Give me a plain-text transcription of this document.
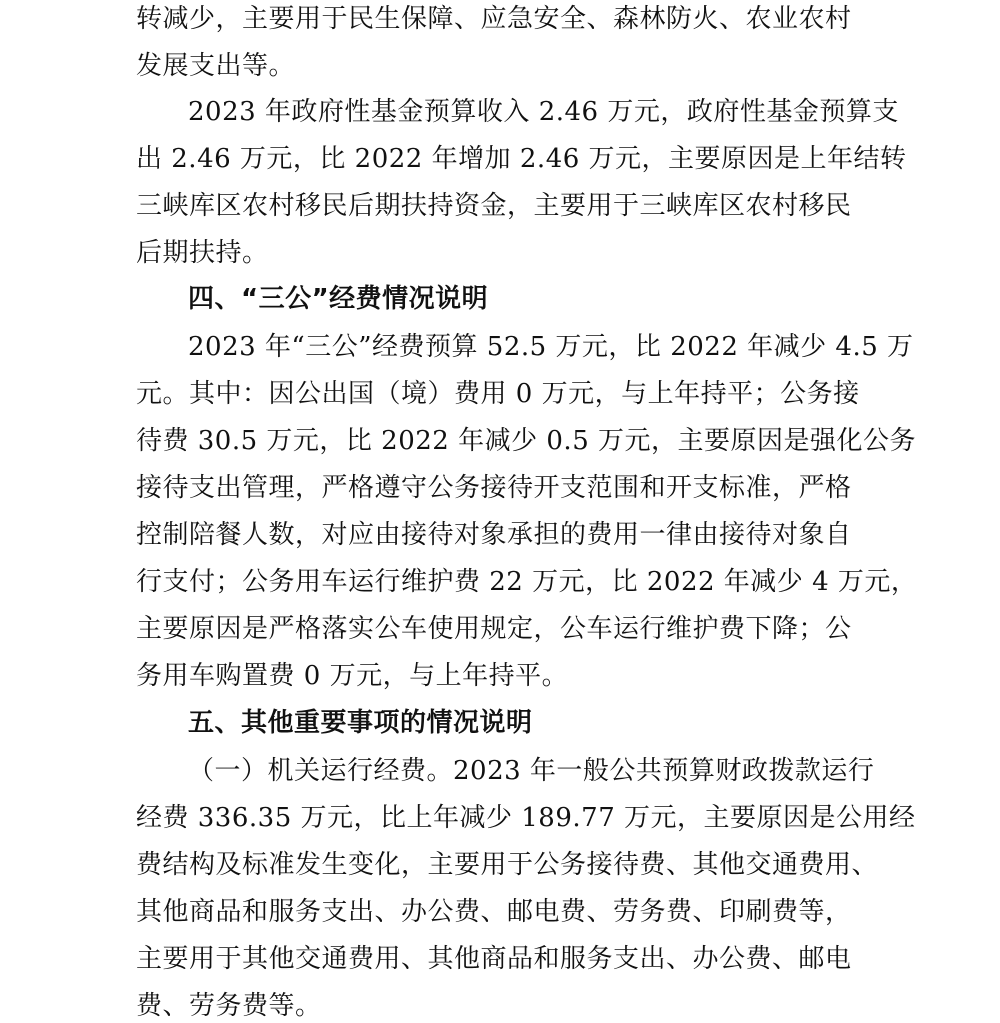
转减少，主要用于民生保障、应急安全、森林防火、农业农村
发展支出等。
2023 年政府性基金预算收入 2.46 万元，政府性基金预算支
出 2.46 万元，比 2022 年增加 2.46 万元，主要原因是上年结转
三峡库区农村移民后期扶持资金，主要用于三峡库区农村移民
后期扶持。
四、“三公”经费情况说明
2023 年“三公”经费预算 52.5 万元，比 2022 年减少 4.5 万
元。其中：因公出国（境）费用 0 万元，与上年持平；公务接
待费 30.5 万元，比 2022 年减少 0.5 万元，主要原因是强化公务
接待支出管理，严格遵守公务接待开支范围和开支标准，严格
控制陪餐人数，对应由接待对象承担的费用一律由接待对象自
行支付；公务用车运行维护费 22 万元，比 2022 年减少 4 万元，
主要原因是严格落实公车使用规定，公车运行维护费下降；公
务用车购置费 0 万元，与上年持平。
五、其他重要事项的情况说明
（一）机关运行经费。2023 年一般公共预算财政拨款运行
经费 336.35 万元，比上年减少 189.77 万元，主要原因是公用经
费结构及标准发生变化，主要用于公务接待费、其他交通费用、
其他商品和服务支出、办公费、邮电费、劳务费、印刷费等，
主要用于其他交通费用、其他商品和服务支出、办公费、邮电
费、劳务费等。
